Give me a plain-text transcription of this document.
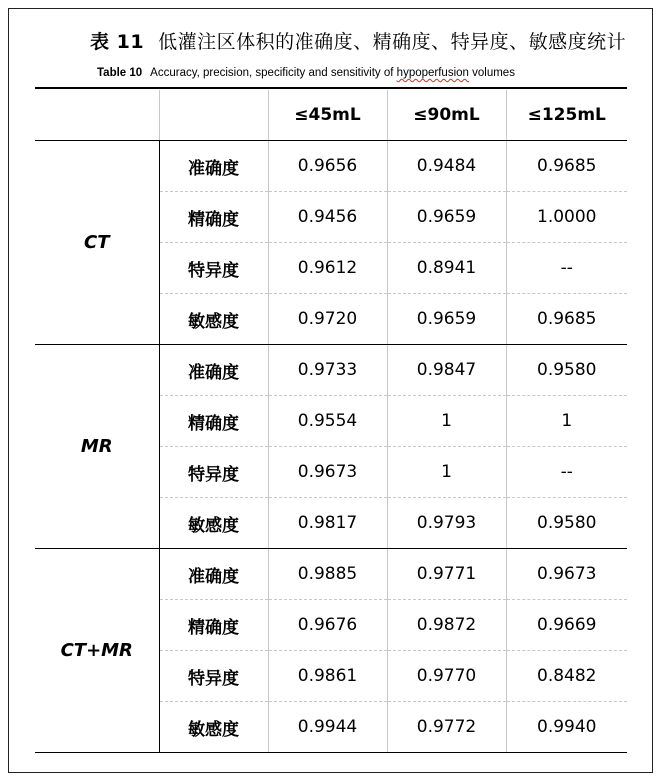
表 11 低灌注区体积的准确度、精确度、特异度、敏感度统计
Table 10 Accuracy, precision, specificity and sensitivity of hypoperfusion volumes
		≤45mL	≤90mL	≤125mL
CT	准确度	0.9656	0.9484	0.9685
	精确度	0.9456	0.9659	1.0000
	特异度	0.9612	0.8941	--
	敏感度	0.9720	0.9659	0.9685
MR	准确度	0.9733	0.9847	0.9580
	精确度	0.9554	1	1
	特异度	0.9673	1	--
	敏感度	0.9817	0.9793	0.9580
CT+MR	准确度	0.9885	0.9771	0.9673
	精确度	0.9676	0.9872	0.9669
	特异度	0.9861	0.9770	0.8482
	敏感度	0.9944	0.9772	0.9940
